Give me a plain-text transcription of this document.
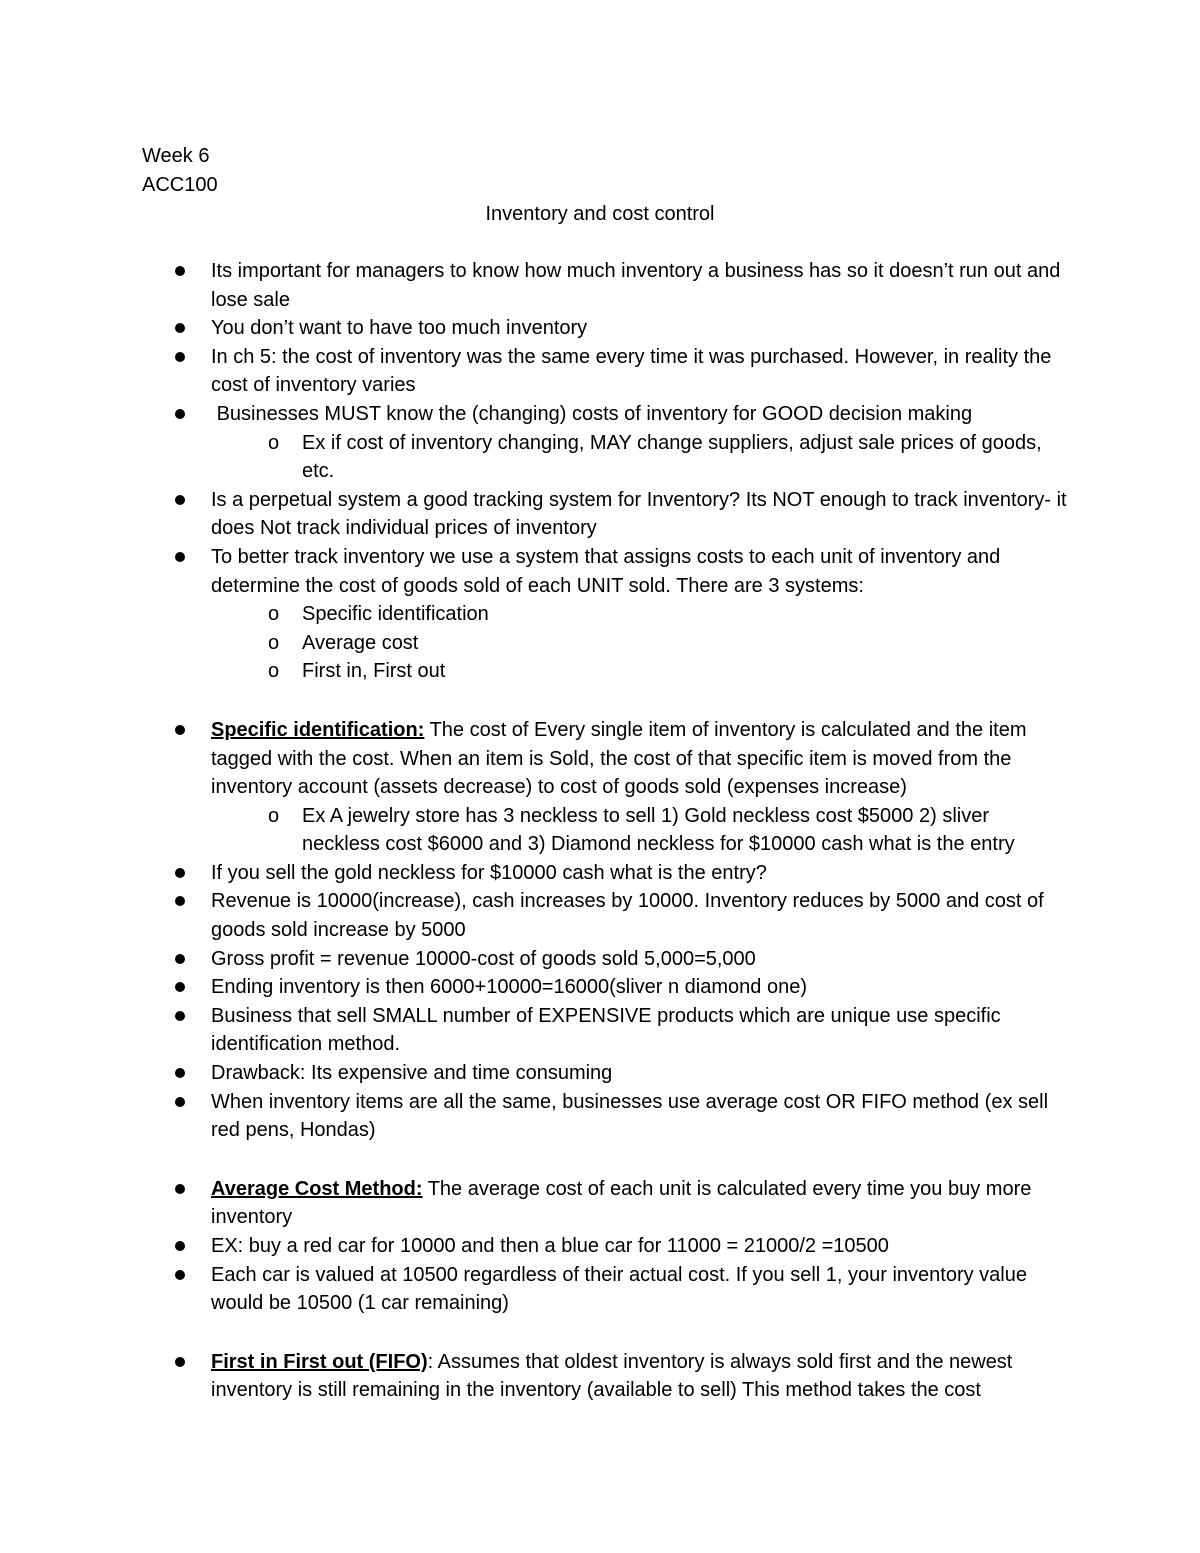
Week 6
ACC100
Inventory and cost control
Its important for managers to know how much inventory a business has so it doesn’t run out and lose sale
You don’t want to have too much inventory
In ch 5: the cost of inventory was the same every time it was purchased. However, in reality the cost of inventory varies
Businesses MUST know the (changing) costs of inventory for GOOD decision making
o Ex if cost of inventory changing, MAY change suppliers, adjust sale prices of goods, etc.
Is a perpetual system a good tracking system for Inventory? Its NOT enough to track inventory- it does Not track individual prices of inventory
To better track inventory we use a system that assigns costs to each unit of inventory and determine the cost of goods sold of each UNIT sold. There are 3 systems:
o Specific identification
o Average cost
o First in, First out
Specific identification: The cost of Every single item of inventory is calculated and the item tagged with the cost. When an item is Sold, the cost of that specific item is moved from the inventory account (assets decrease) to cost of goods sold (expenses increase)
o Ex A jewelry store has 3 neckless to sell 1) Gold neckless cost $5000 2) sliver neckless cost $6000 and 3) Diamond neckless for $10000 cash what is the entry
If you sell the gold neckless for $10000 cash what is the entry?
Revenue is 10000(increase), cash increases by 10000. Inventory reduces by 5000 and cost of goods sold increase by 5000
Gross profit = revenue 10000-cost of goods sold 5,000=5,000
Ending inventory is then 6000+10000=16000(sliver n diamond one)
Business that sell SMALL number of EXPENSIVE products which are unique use specific identification method.
Drawback: Its expensive and time consuming
When inventory items are all the same, businesses use average cost OR FIFO method (ex sell red pens, Hondas)
Average Cost Method: The average cost of each unit is calculated every time you buy more inventory
EX: buy a red car for 10000 and then a blue car for 11000 = 21000/2 =10500
Each car is valued at 10500 regardless of their actual cost. If you sell 1, your inventory value would be 10500 (1 car remaining)
First in First out (FIFO): Assumes that oldest inventory is always sold first and the newest inventory is still remaining in the inventory (available to sell) This method takes the cost
